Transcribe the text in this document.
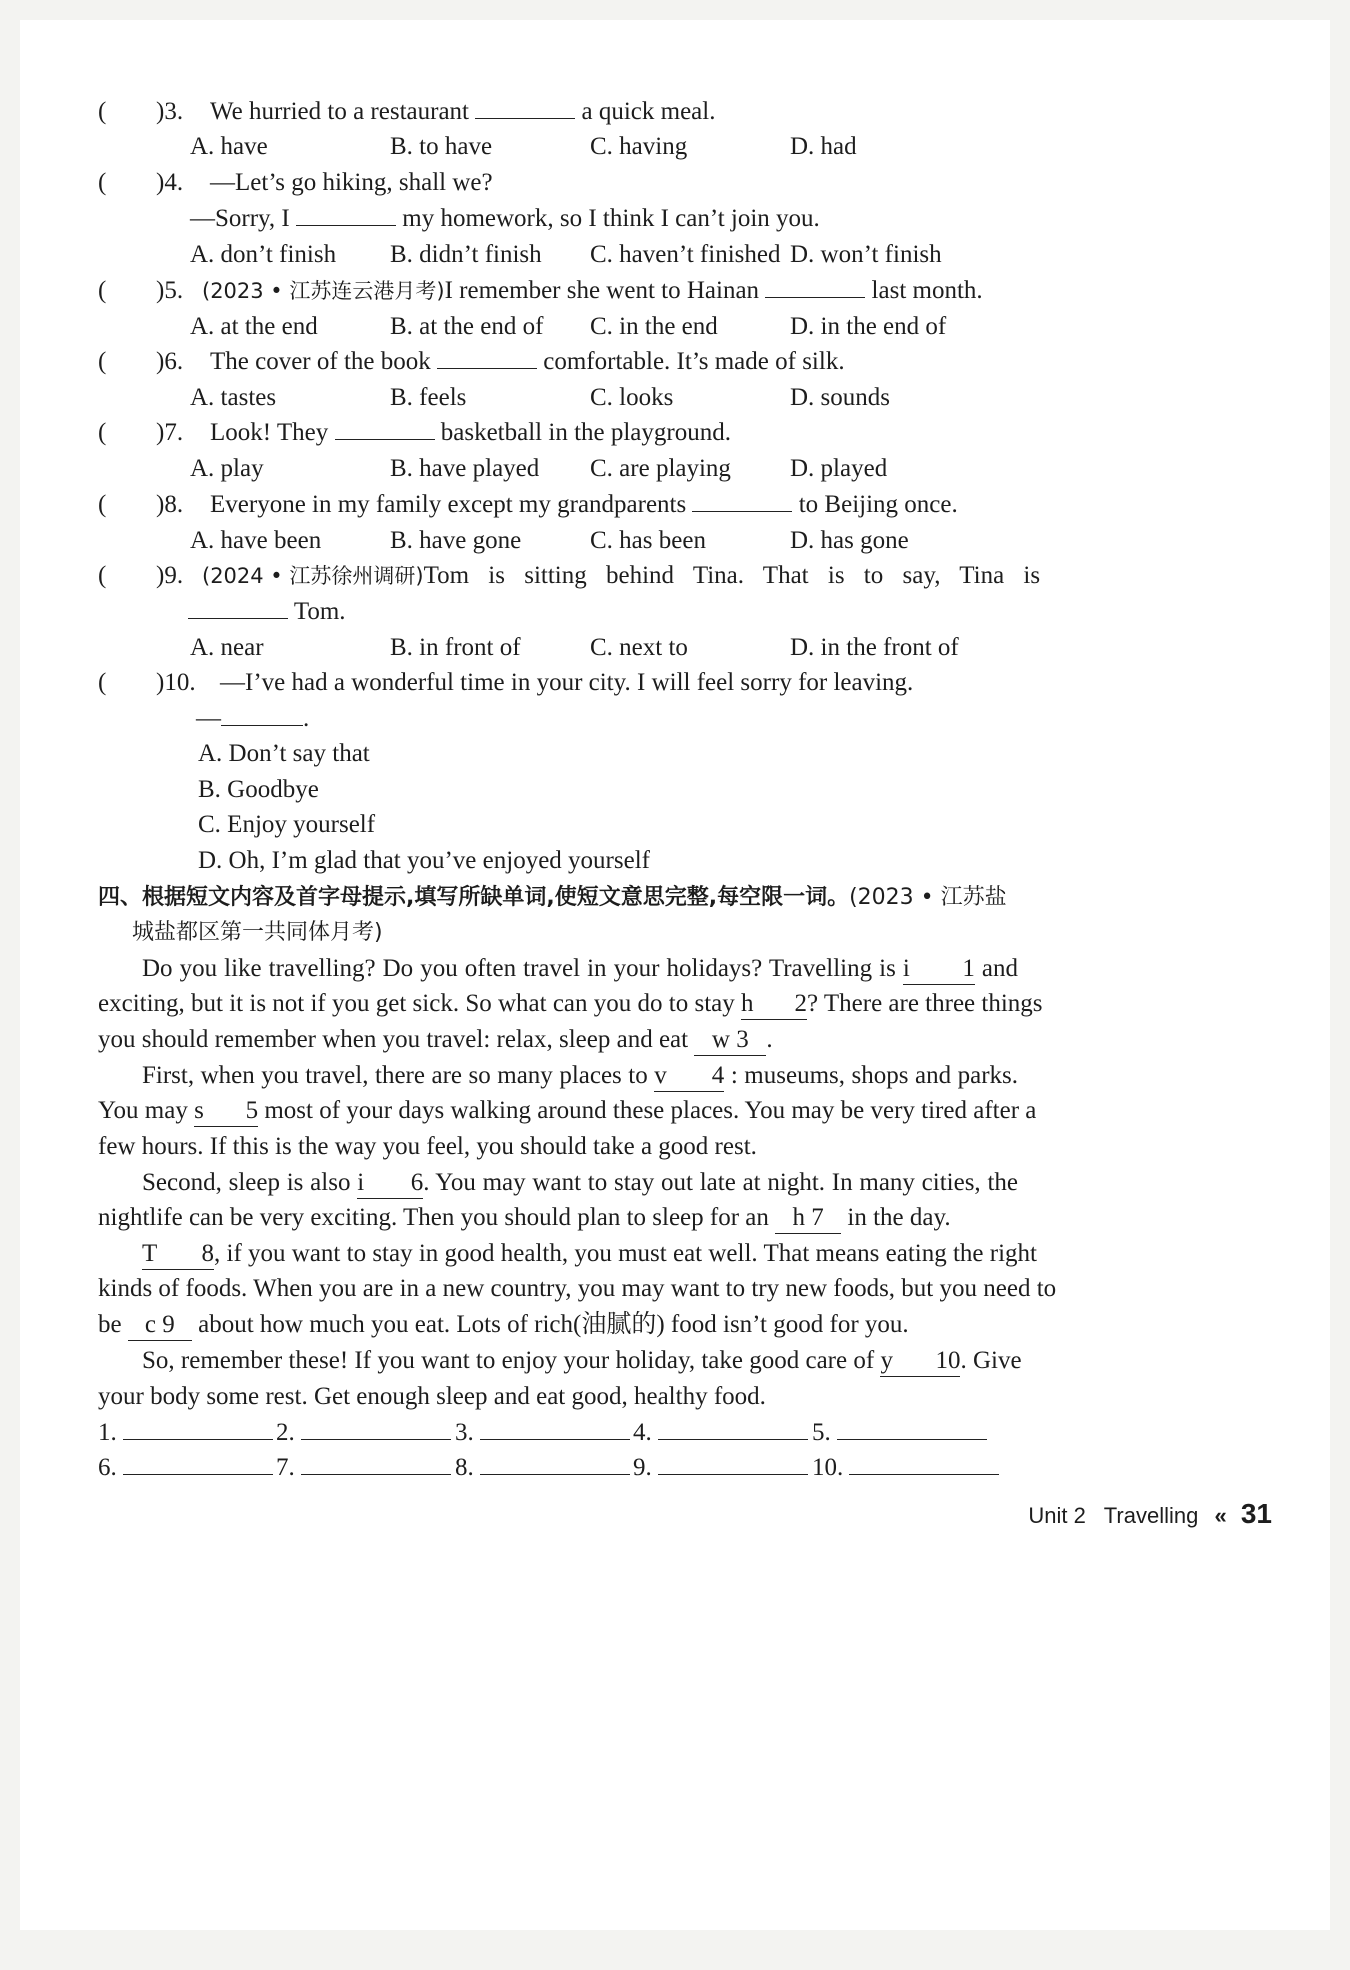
( )3. We hurried to a restaurant	a quick meal.
A. have	B. to have	C. having	D. had
( )4. —Let’s go hiking, shall we?
—Sorry, I	my homework, so I think I can’t join you.
A. don’t finish B. didn’t finish C. haven’t finished D. won’t finish
( )5. (2023 • 江苏连云港月考)I remember she went to Hainan	last month.
A. at the end	B. at the end of C. in the end	D. in the end of
( )6. The cover of the book	comfortable. It’s made of silk.
A. tastes	B. feels	C. looks	D. sounds
( )7. Look! They	basketball in the playground.
A. play	B. have played C. are playing D. played
( )8. Everyone in my family except my grandparents	to Beijing once.
A. have been	B. have gone	C. has been	D. has gone
( )9. (2024 • 江苏徐州调研)Tom is sitting behind Tina. That is to say, Tina is
Tom.
A. near	B. in front of	C. next to	D. in the front of
( )10. —I’ve had a wonderful time in your city. I will feel sorry for leaving.
—	.
A. Don’t say that
B. Goodbye
C. Enjoy yourself
D. Oh, I’m glad that you’ve enjoyed yourself
四、根据短文内容及首字母提示,填写所缺单词,使短文意思完整,每空限一词。(2023 • 江苏盐
城盐都区第一共同体月考)
Do you like travelling? Do you often travel in your holidays? Travelling is i 1 and
exciting, but it is not if you get sick. So what can you do to stay h 2? There are three things
you should remember when you travel: relax, sleep and eat w 3 .
First, when you travel, there are so many places to v 4 : museums, shops and parks.
You may s 5 most of your days walking around these places. You may be very tired after a
few hours. If this is the way you feel, you should take a good rest.
Second, sleep is also i 6. You may want to stay out late at night. In many cities, the
nightlife can be very exciting. Then you should plan to sleep for an h 7 in the day.
T 8, if you want to stay in good health, you must eat well. That means eating the right
kinds of foods. When you are in a new country, you may want to try new foods, but you need to
be c 9 about how much you eat. Lots of rich(油腻的) food isn’t good for you.
So, remember these! If you want to enjoy your holiday, take good care of y 10. Give
your body some rest. Get enough sleep and eat good, healthy food.
1.	2.	3.	4.	5.
6.	7.	8.	9.	10.
Unit 2 Travelling « 31
